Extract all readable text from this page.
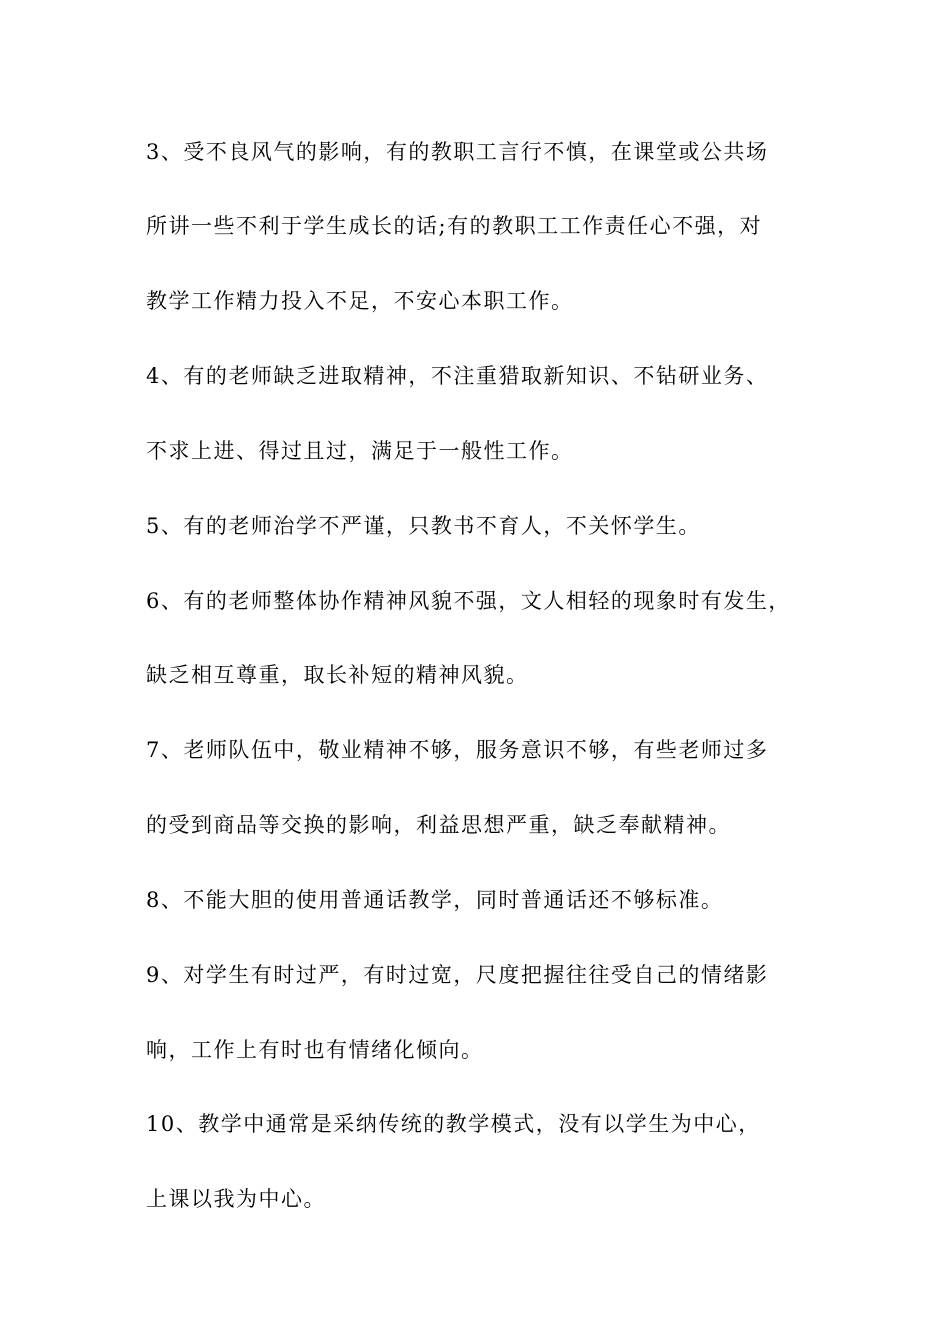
3、受不良风气的影响，有的教职工言行不慎，在课堂或公共场
所讲一些不利于学生成长的话;有的教职工工作责任心不强，对
教学工作精力投入不足，不安心本职工作。
4、有的老师缺乏进取精神，不注重猎取新知识、不钻研业务、
不求上进、得过且过，满足于一般性工作。
5、有的老师治学不严谨，只教书不育人，不关怀学生。
6、有的老师整体协作精神风貌不强，文人相轻的现象时有发生，
缺乏相互尊重，取长补短的精神风貌。
7、老师队伍中，敬业精神不够，服务意识不够，有些老师过多
的受到商品等交换的影响，利益思想严重，缺乏奉献精神。
8、不能大胆的使用普通话教学，同时普通话还不够标准。
9、对学生有时过严，有时过宽，尺度把握往往受自己的情绪影
响，工作上有时也有情绪化倾向。
10、教学中通常是采纳传统的教学模式，没有以学生为中心，
上课以我为中心。
